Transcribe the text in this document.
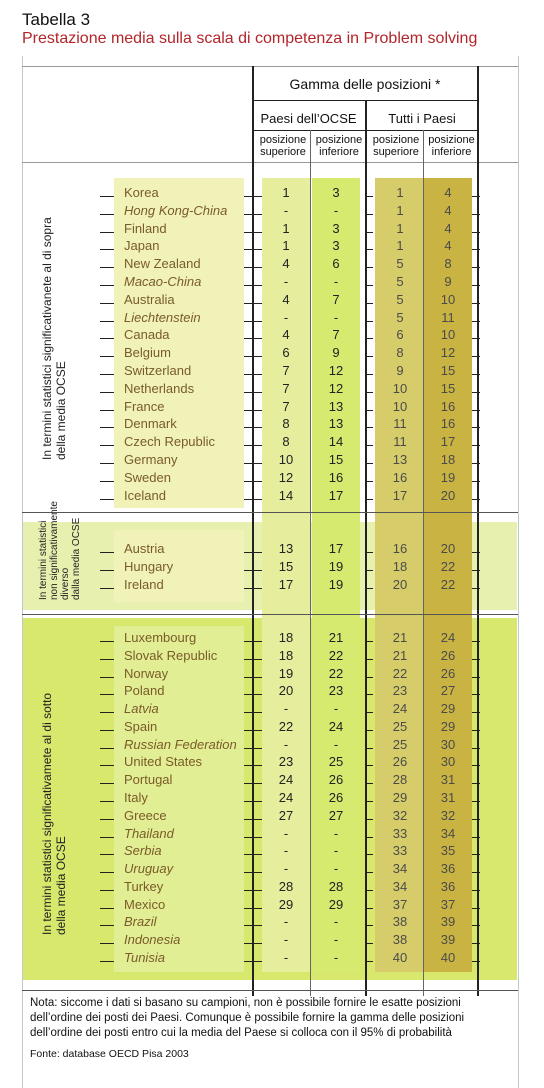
Tabella 3
Prestazione media sulla scala di competenza in Problem solving
Gamma delle posizioni *
Paesi dell’OCSE	Tutti i Paesi
posizione
superiore
posizione
inferiore
posizione
superiore
posizione
inferiore
In termini statistici significativanete al di sopra della media OCSE
In termini statistici non significativamente diverso dalla media OCSE
In termini statistici significativamete al di sotto della media OCSE
Korea	1	3	1	4
Hong Kong-China	-	-	1	4
Finland	1	3	1	4
Japan	1	3	1	4
New Zealand	4	6	5	8
Macao-China	-	-	5	9
Australia	4	7	5	10
Liechtenstein	-	-	5	11
Canada	4	7	6	10
Belgium	6	9	8	12
Switzerland	7	12	9	15
Netherlands	7	12	10	15
France	7	13	10	16
Denmark	8	13	11	16
Czech Republic	8	14	11	17
Germany	10	15	13	18
Sweden	12	16	16	19
Iceland	14	17	17	20
Austria	13	17	16	20
Hungary	15	19	18	22
Ireland	17	19	20	22
Luxembourg	18	21	21	24
Slovak Republic	18	22	21	26
Norway	19	22	22	26
Poland	20	23	23	27
Latvia	-	-	24	29
Spain	22	24	25	29
Russian Federation	-	-	25	30
United States	23	25	26	30
Portugal	24	26	28	31
Italy	24	26	29	31
Greece	27	27	32	32
Thailand	-	-	33	34
Serbia	-	-	33	35
Uruguay	-	-	34	36
Turkey	28	28	34	36
Mexico	29	29	37	37
Brazil	-	-	38	39
Indonesia	-	-	38	39
Tunisia	-	-	40	40
Nota: siccome i dati si basano su campioni, non è possibile fornire le esatte posizioni
dell’ordine dei posti dei Paesi. Comunque è possibile fornire la gamma delle posizioni
dell’ordine dei posti entro cui la media del Paese si colloca con il 95% di probabilità
Fonte: database OECD Pisa 2003
